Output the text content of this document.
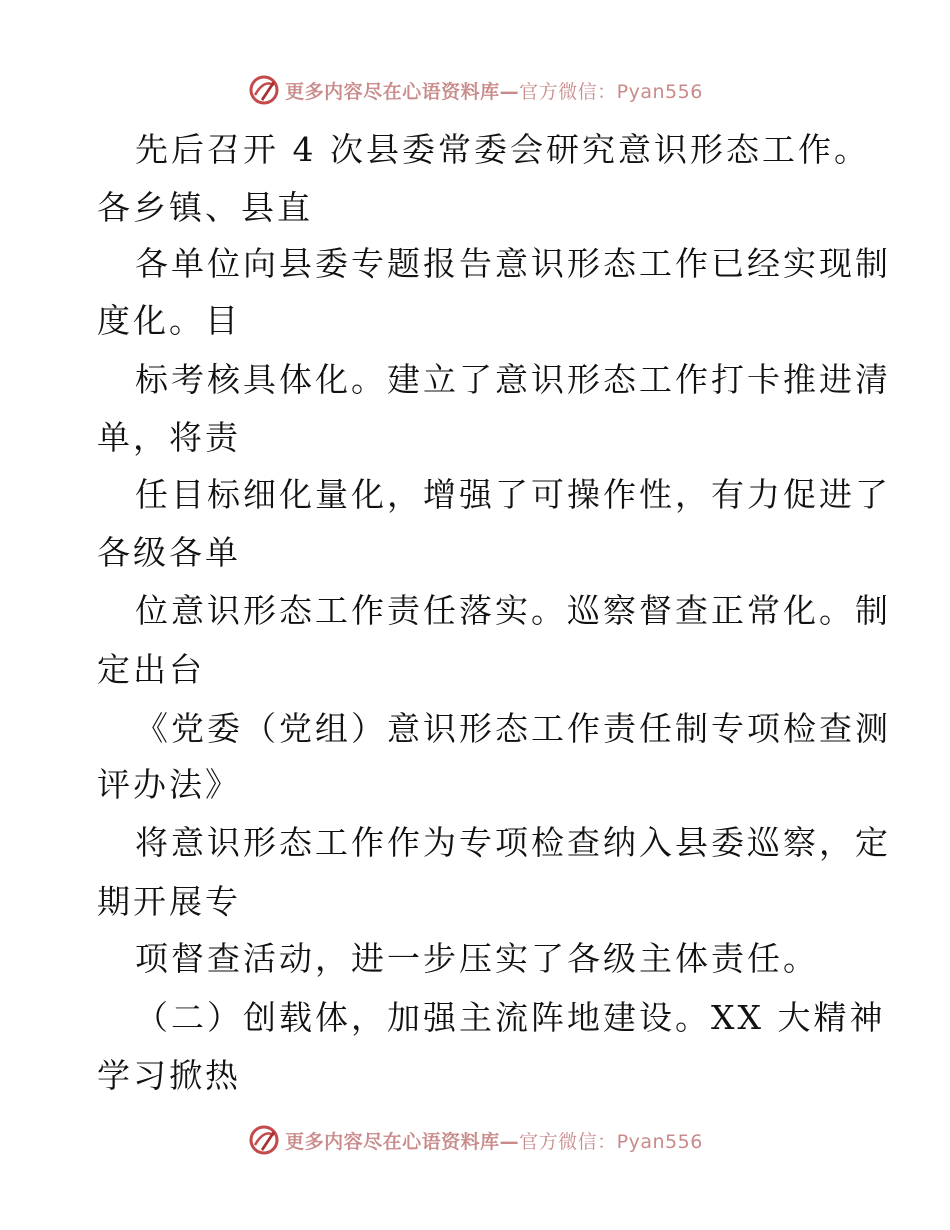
更多内容尽在心语资料库—官方微信：Pyan556
先后召开 4 次县委常委会研究意识形态工作。
各乡镇、县直
各单位向县委专题报告意识形态工作已经实现制
度化。目
标考核具体化。建立了意识形态工作打卡推进清
单，将责
任目标细化量化，增强了可操作性，有力促进了
各级各单
位意识形态工作责任落实。巡察督查正常化。制
定出台
《党委（党组）意识形态工作责任制专项检查测
评办法》
将意识形态工作作为专项检查纳入县委巡察，定
期开展专
项督查活动，进一步压实了各级主体责任。
（二）创载体，加强主流阵地建设。XX 大精神
学习掀热
更多内容尽在心语资料库—官方微信：Pyan556
